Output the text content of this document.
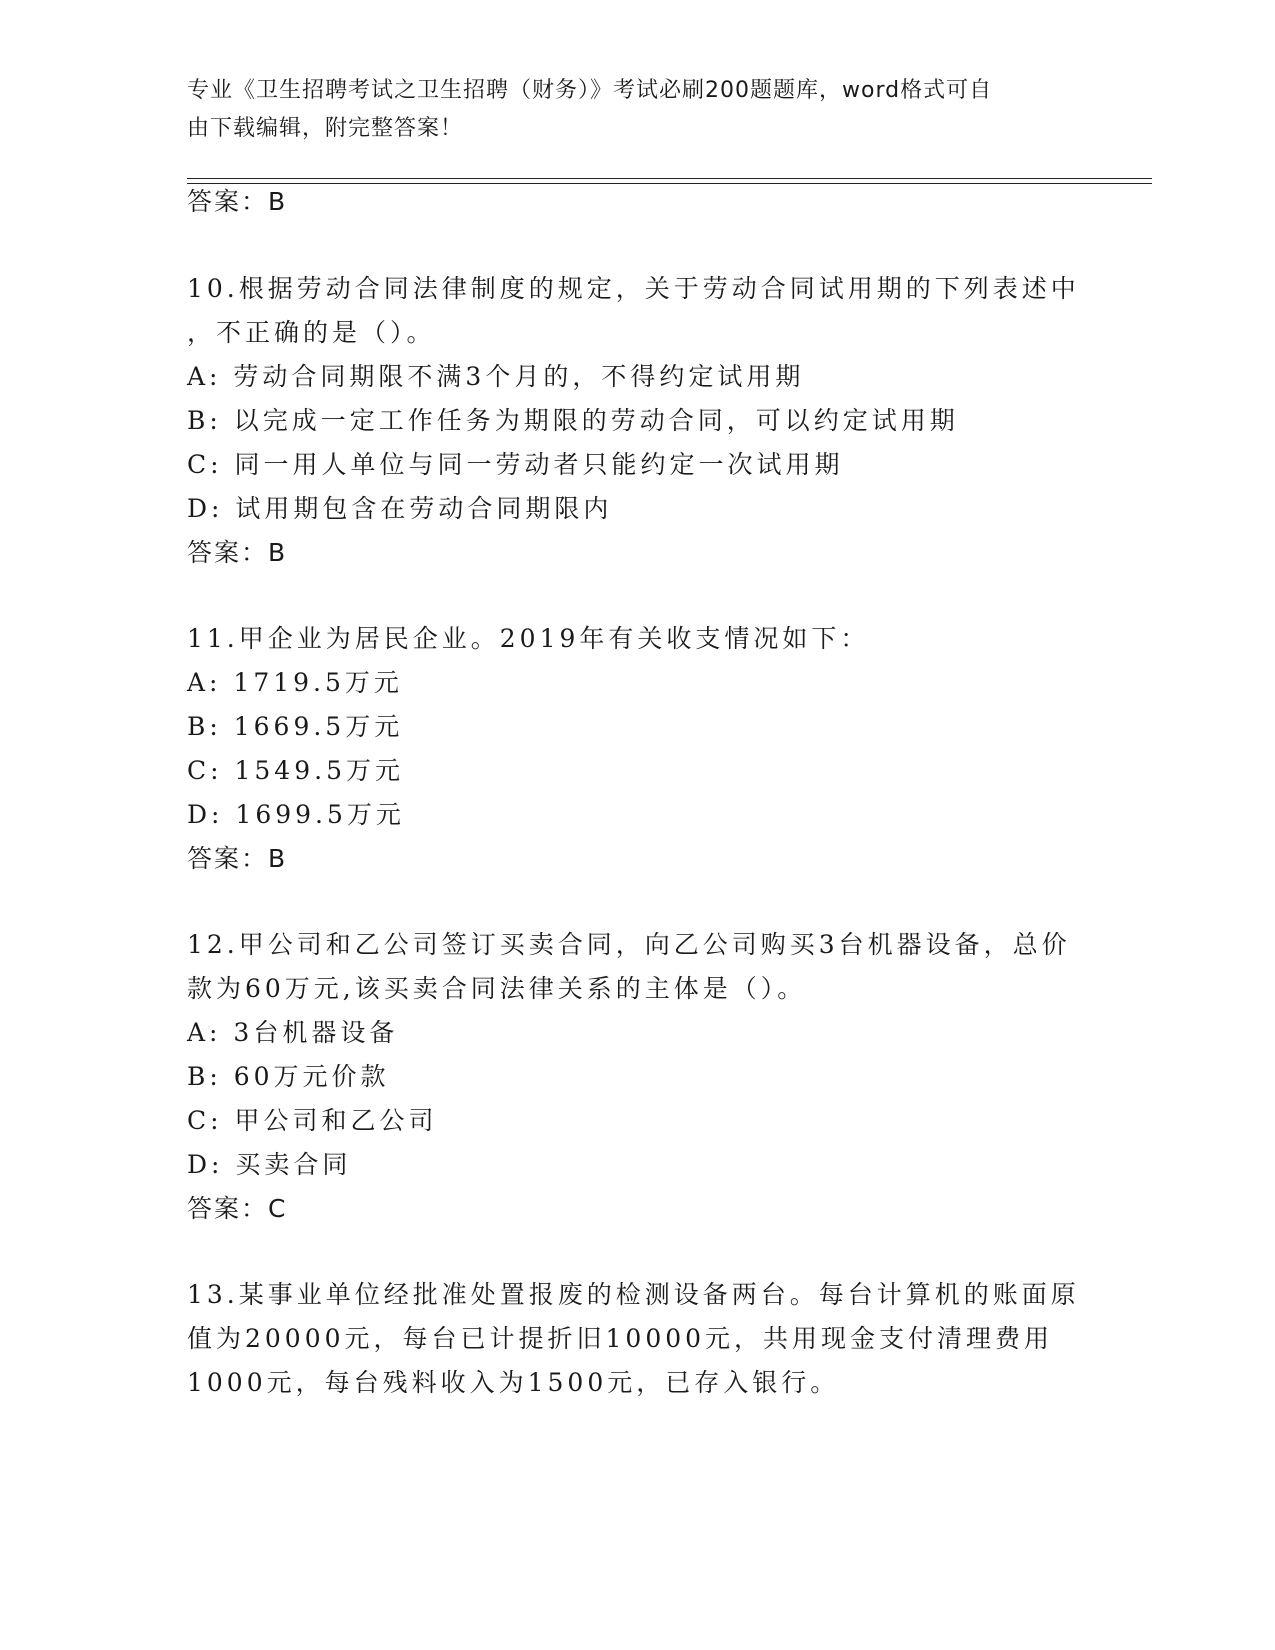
专业《卫生招聘考试之卫生招聘（财务）》考试必刷200题题库，word格式可自
由下载编辑，附完整答案！
答案：B
10.根据劳动合同法律制度的规定，关于劳动合同试用期的下列表述中
，不正确的是（）。
A: 劳动合同期限不满3个月的，不得约定试用期
B: 以完成一定工作任务为期限的劳动合同，可以约定试用期
C: 同一用人单位与同一劳动者只能约定一次试用期
D: 试用期包含在劳动合同期限内
答案：B
11.甲企业为居民企业。2019年有关收支情况如下：
A: 1719.5万元
B: 1669.5万元
C: 1549.5万元
D: 1699.5万元
答案：B
12.甲公司和乙公司签订买卖合同，向乙公司购买3台机器设备，总价
款为60万元,该买卖合同法律关系的主体是（）。
A: 3台机器设备
B: 60万元价款
C: 甲公司和乙公司
D: 买卖合同
答案：C
13.某事业单位经批准处置报废的检测设备两台。每台计算机的账面原
值为20000元，每台已计提折旧10000元，共用现金支付清理费用
1000元，每台残料收入为1500元，已存入银行。
